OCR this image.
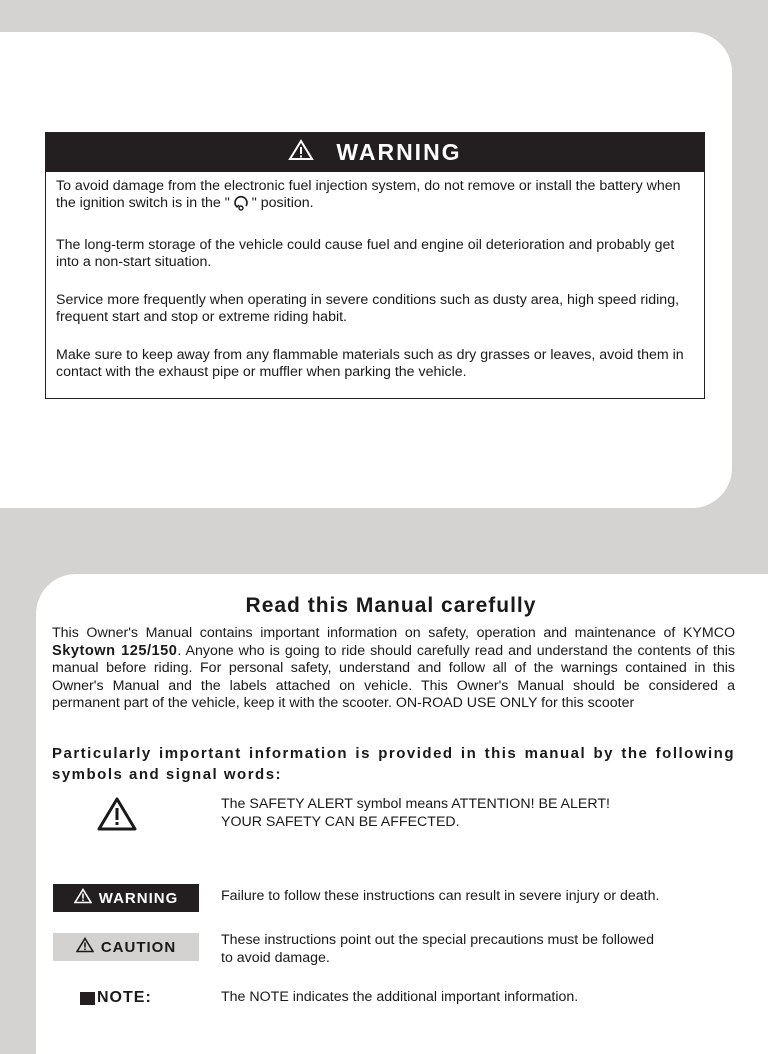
WARNING

To avoid damage from the electronic fuel injection system, do not remove or install the battery when the ignition switch is in the " " position.

The long-term storage of the vehicle could cause fuel and engine oil deterioration and probably get into a non-start situation.

Service more frequently when operating in severe conditions such as dusty area, high speed riding, frequent start and stop or extreme riding habit.

Make sure to keep away from any flammable materials such as dry grasses or leaves, avoid them in contact with the exhaust pipe or muffler when parking the vehicle.

Read this Manual carefully

This Owner's Manual contains important information on safety, operation and maintenance of KYMCO Skytown 125/150. Anyone who is going to ride should carefully read and understand the contents of this manual before riding. For personal safety, understand and follow all of the warnings contained in this Owner's Manual and the labels attached on vehicle. This Owner's Manual should be considered a permanent part of the vehicle, keep it with the scooter. ON-ROAD USE ONLY for this scooter

Particularly important information is provided in this manual by the following symbols and signal words:

The SAFETY ALERT symbol means ATTENTION! BE ALERT!
YOUR SAFETY CAN BE AFFECTED.

WARNING	Failure to follow these instructions can result in severe injury or death.

CAUTION	These instructions point out the special precautions must be followed
to avoid damage.

NOTE:	The NOTE indicates the additional important information.
